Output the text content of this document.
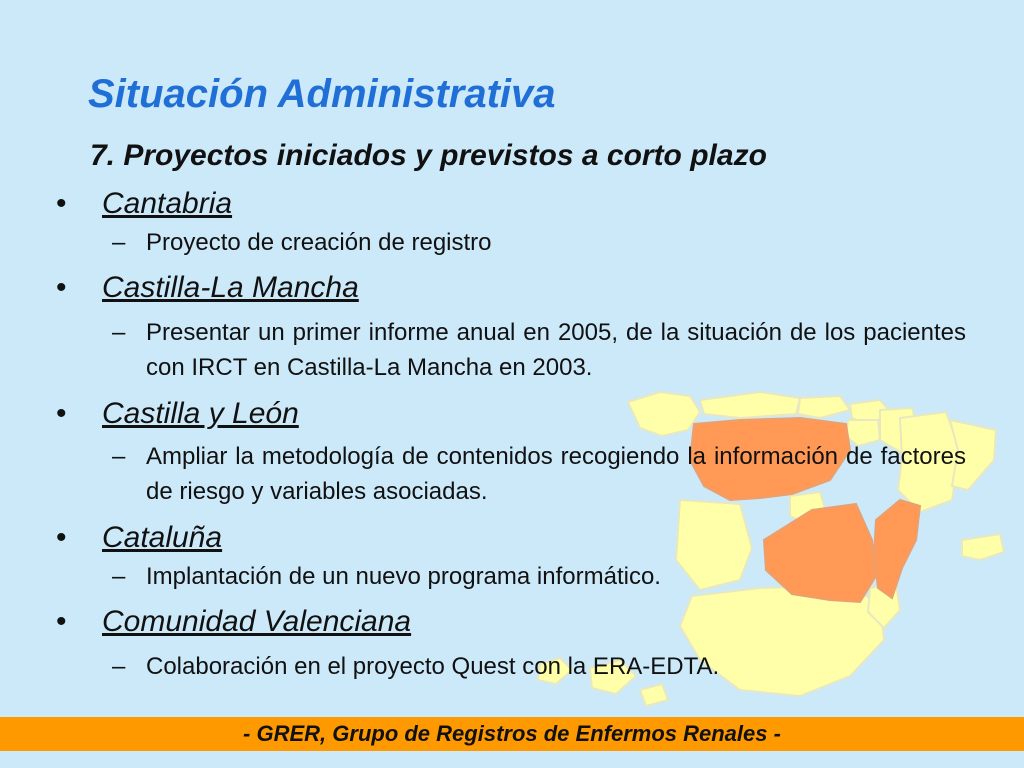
Situación Administrativa
7. Proyectos iniciados y previstos a corto plazo
• Cantabria
– Proyecto de creación de registro
• Castilla-La Mancha
– Presentar un primer informe anual en 2005, de la situación de los pacientes con IRCT en Castilla-La Mancha en 2003.
• Castilla y León
– Ampliar la metodología de contenidos recogiendo la información de factores de riesgo y variables asociadas.
• Cataluña
– Implantación de un nuevo programa informático.
• Comunidad Valenciana
– Colaboración en el proyecto Quest con la ERA-EDTA.
- GRER, Grupo de Registros de Enfermos Renales -
